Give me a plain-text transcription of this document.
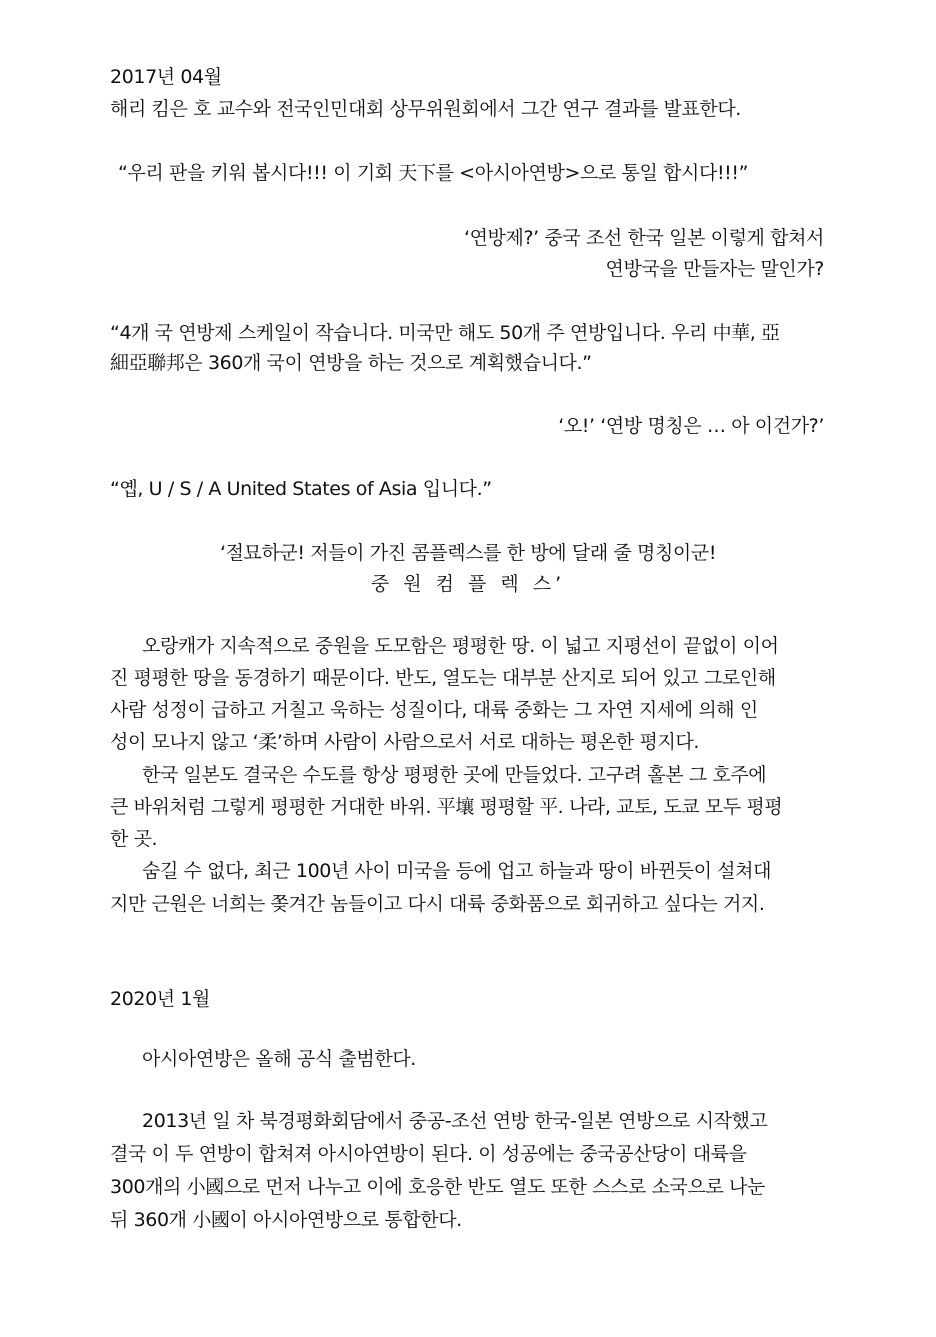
2017년 04월
해리 킴은 호 교수와 전국인민대회 상무위원회에서 그간 연구 결과를 발표한다.
“우리 판을 키워 봅시다!!! 이 기회 天下를 <아시아연방>으로 통일 합시다!!!”
‘연방제?’ 중국 조선 한국 일본 이렇게 합쳐서
연방국을 만들자는 말인가?
“4개 국 연방제 스케일이 작습니다. 미국만 해도 50개 주 연방입니다. 우리 中華, 亞
細亞聯邦은 360개 국이 연방을 하는 것으로 계획했습니다.”
‘오!’ ‘연방 명칭은 … 아 이건가?’
“옙, U / S / A United States of Asia 입니다.”
‘절묘하군! 저들이 가진 콤플렉스를 한 방에 달래 줄 명칭이군!
중 원 컴 플 렉 스’
오랑캐가 지속적으로 중원을 도모함은 평평한 땅. 이 넓고 지평선이 끝없이 이어
진 평평한 땅을 동경하기 때문이다. 반도, 열도는 대부분 산지로 되어 있고 그로인해
사람 성정이 급하고 거칠고 욱하는 성질이다, 대륙 중화는 그 자연 지세에 의해 인
성이 모나지 않고 ‘柔’하며 사람이 사람으로서 서로 대하는 평온한 평지다.
한국 일본도 결국은 수도를 항상 평평한 곳에 만들었다. 고구려 홀본 그 호주에
큰 바위처럼 그렇게 평평한 거대한 바위. 平壤 평평할 平. 나라, 교토, 도쿄 모두 평평
한 곳.
숨길 수 없다, 최근 100년 사이 미국을 등에 업고 하늘과 땅이 바뀐듯이 설쳐대
지만 근원은 너희는 쫒겨간 놈들이고 다시 대륙 중화품으로 회귀하고 싶다는 거지.
2020년 1월
아시아연방은 올해 공식 출범한다.
2013년 일 차 북경평화회담에서 중공-조선 연방 한국-일본 연방으로 시작했고
결국 이 두 연방이 합쳐져 아시아연방이 된다. 이 성공에는 중국공산당이 대륙을
300개의 小國으로 먼저 나누고 이에 호응한 반도 열도 또한 스스로 소국으로 나눈
뒤 360개 小國이 아시아연방으로 통합한다.
